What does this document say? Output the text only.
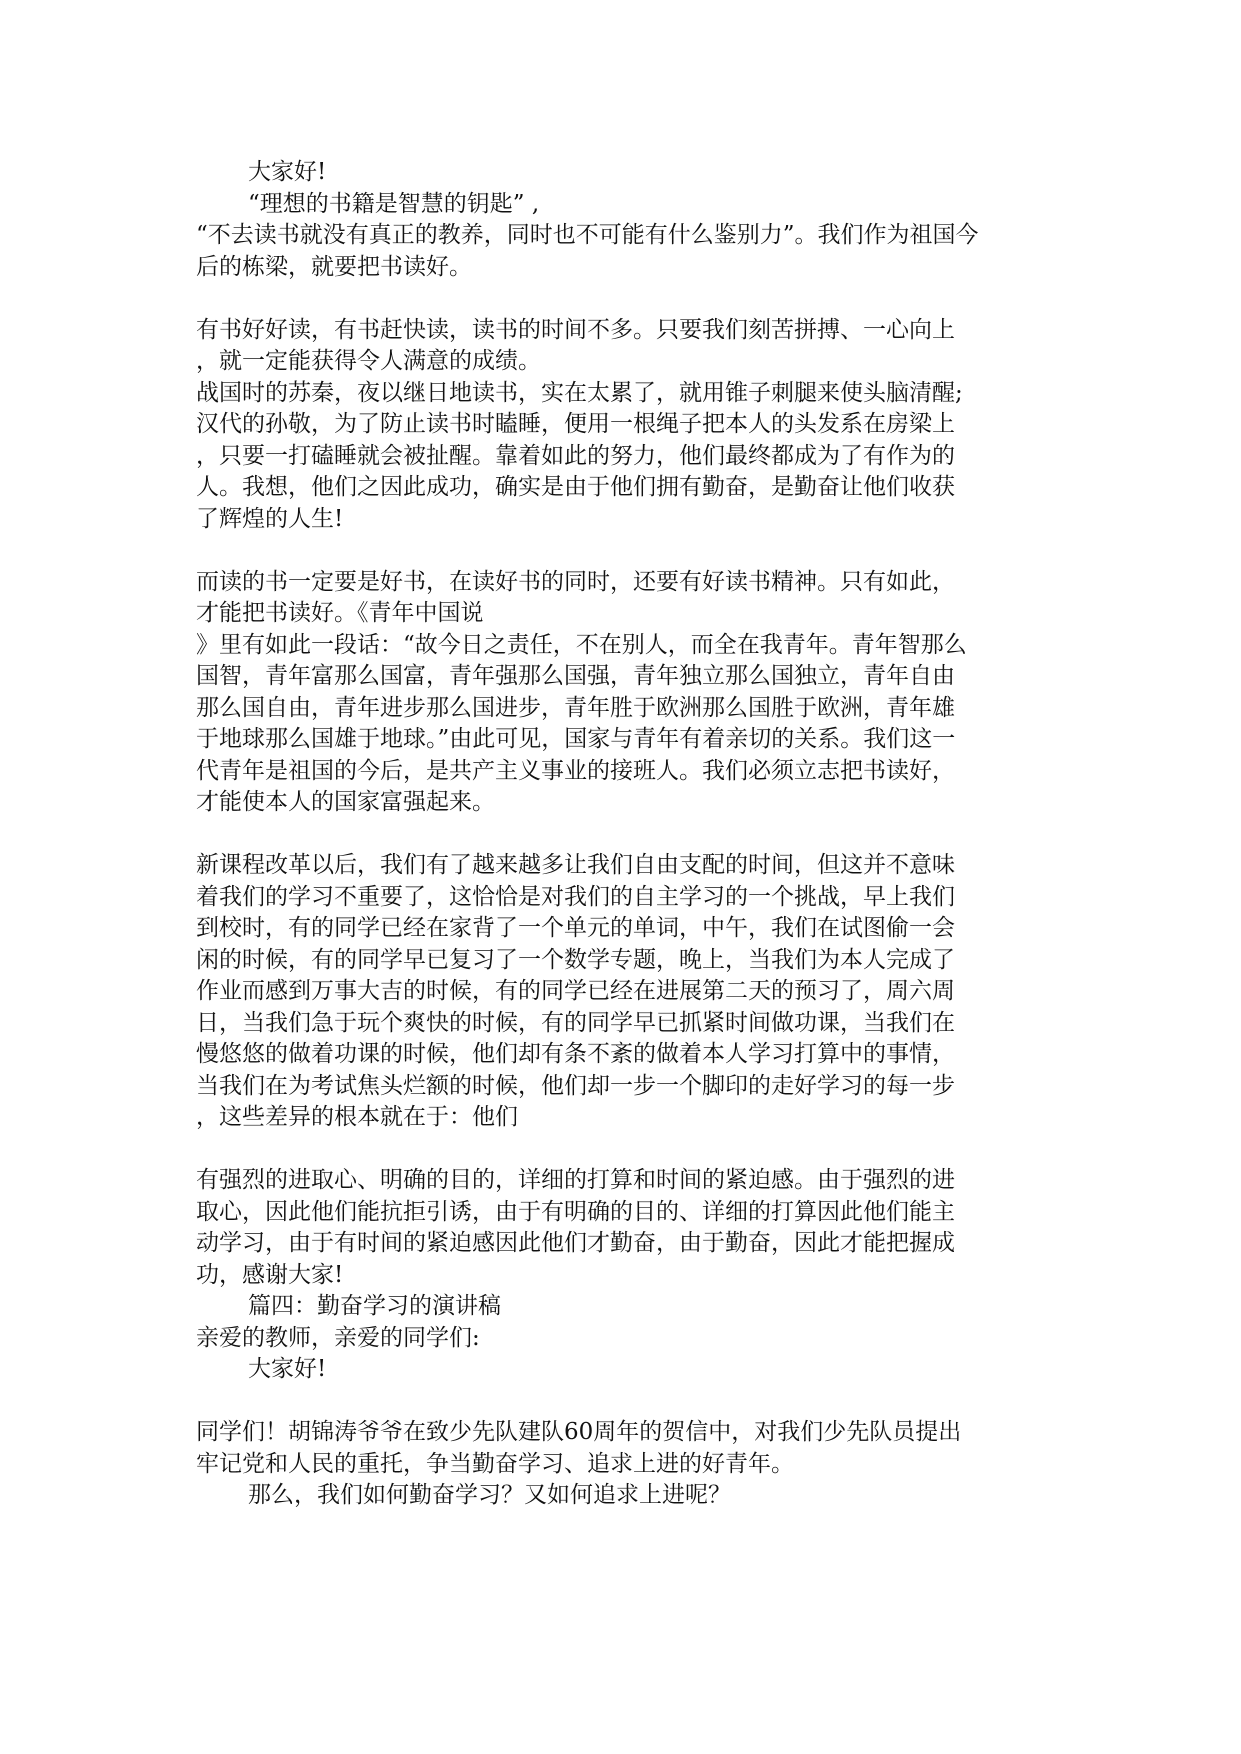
大家好!
“理想的书籍是智慧的钥匙” ,
“不去读书就没有真正的教养，同时也不可能有什么鉴别力”。我们作为祖国今
后的栋梁，就要把书读好。
有书好好读，有书赶快读，读书的时间不多。只要我们刻苦拼搏、一心向上
，就一定能获得令人满意的成绩。
战国时的苏秦，夜以继日地读书，实在太累了，就用锥子刺腿来使头脑清醒;
汉代的孙敬，为了防止读书时瞌睡，便用一根绳子把本人的头发系在房梁上
，只要一打磕睡就会被扯醒。靠着如此的努力，他们最终都成为了有作为的
人。我想，他们之因此成功，确实是由于他们拥有勤奋，是勤奋让他们收获
了辉煌的人生!
而读的书一定要是好书，在读好书的同时，还要有好读书精神。只有如此，
才能把书读好。《青年中国说
》里有如此一段话：“故今日之责任，不在别人，而全在我青年。青年智那么
国智，青年富那么国富，青年强那么国强，青年独立那么国独立，青年自由
那么国自由，青年进步那么国进步，青年胜于欧洲那么国胜于欧洲，青年雄
于地球那么国雄于地球。”由此可见，国家与青年有着亲切的关系。我们这一
代青年是祖国的今后，是共产主义事业的接班人。我们必须立志把书读好，
才能使本人的国家富强起来。
新课程改革以后，我们有了越来越多让我们自由支配的时间，但这并不意味
着我们的学习不重要了，这恰恰是对我们的自主学习的一个挑战，早上我们
到校时，有的同学已经在家背了一个单元的单词，中午，我们在试图偷一会
闲的时候，有的同学早已复习了一个数学专题，晚上，当我们为本人完成了
作业而感到万事大吉的时候，有的同学已经在进展第二天的预习了，周六周
日，当我们急于玩个爽快的时候，有的同学早已抓紧时间做功课，当我们在
慢悠悠的做着功课的时候，他们却有条不紊的做着本人学习打算中的事情，
当我们在为考试焦头烂额的时候，他们却一步一个脚印的走好学习的每一步
，这些差异的根本就在于：他们
有强烈的进取心、明确的目的，详细的打算和时间的紧迫感。由于强烈的进
取心，因此他们能抗拒引诱，由于有明确的目的、详细的打算因此他们能主
动学习，由于有时间的紧迫感因此他们才勤奋，由于勤奋，因此才能把握成
功，感谢大家!
篇四：勤奋学习的演讲稿
亲爱的教师，亲爱的同学们:
大家好!
同学们！胡锦涛爷爷在致少先队建队60周年的贺信中，对我们少先队员提出
牢记党和人民的重托，争当勤奋学习、追求上进的好青年。
那么，我们如何勤奋学习？又如何追求上进呢？
